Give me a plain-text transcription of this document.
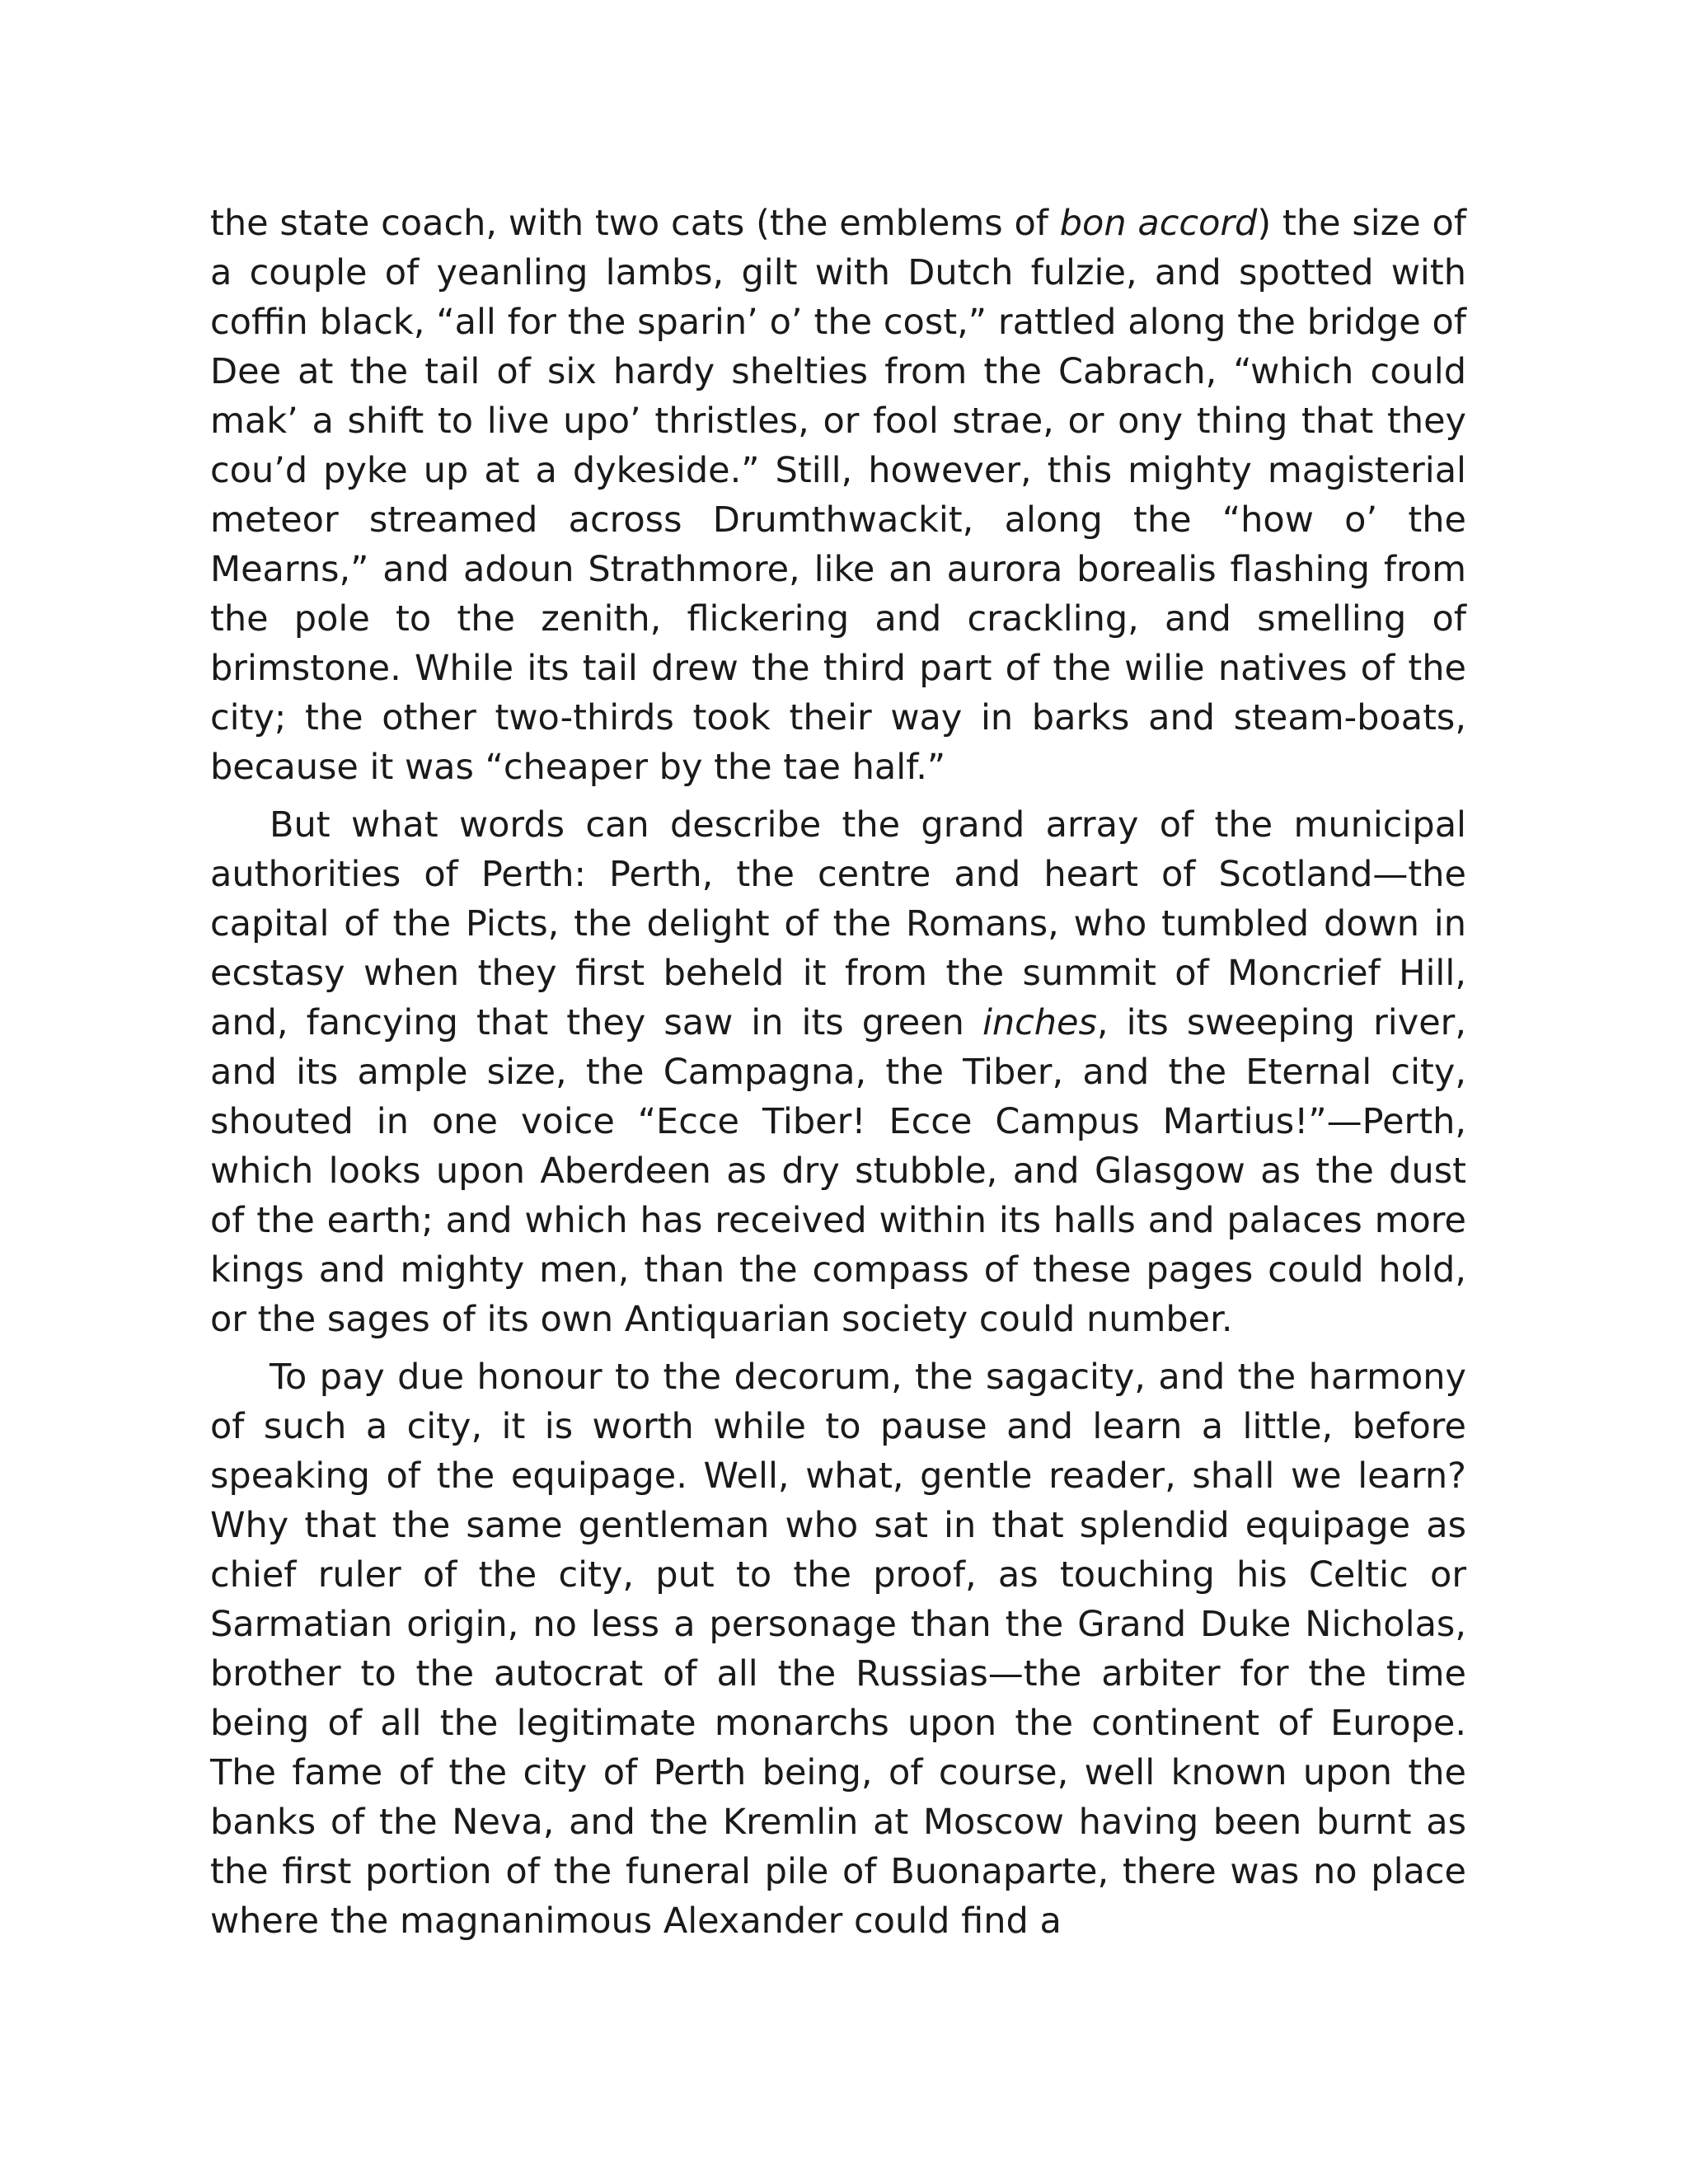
the state coach, with two cats (the emblems of bon accord) the size of a couple of yeanling lambs, gilt with Dutch fulzie, and spotted with coffin black, “all for the sparin’ o’ the cost,” rattled along the bridge of Dee at the tail of six hardy shelties from the Cabrach, “which could mak’ a shift to live upo’ thristles, or fool strae, or ony thing that they cou’d pyke up at a dykeside.” Still, however, this mighty magisterial meteor streamed across Drumthwackit, along the “how o’ the Mearns,” and adoun Strathmore, like an aurora borealis flashing from the pole to the zenith, flickering and crackling, and smelling of brimstone. While its tail drew the third part of the wilie natives of the city; the other two-thirds took their way in barks and steam-boats, because it was “cheaper by the tae half.”

But what words can describe the grand array of the municipal authorities of Perth: Perth, the centre and heart of Scotland—the capital of the Picts, the delight of the Romans, who tumbled down in ecstasy when they first beheld it from the summit of Moncrief Hill, and, fancying that they saw in its green inches, its sweeping river, and its ample size, the Campagna, the Tiber, and the Eternal city, shouted in one voice “Ecce Tiber! Ecce Campus Martius!”—Perth, which looks upon Aberdeen as dry stubble, and Glasgow as the dust of the earth; and which has received within its halls and palaces more kings and mighty men, than the compass of these pages could hold, or the sages of its own Antiquarian society could number.

To pay due honour to the decorum, the sagacity, and the harmony of such a city, it is worth while to pause and learn a little, before speaking of the equipage. Well, what, gentle reader, shall we learn? Why that the same gentleman who sat in that splendid equipage as chief ruler of the city, put to the proof, as touching his Celtic or Sarmatian origin, no less a personage than the Grand Duke Nicholas, brother to the autocrat of all the Russias—the arbiter for the time being of all the legitimate monarchs upon the continent of Europe. The fame of the city of Perth being, of course, well known upon the banks of the Neva, and the Kremlin at Moscow having been burnt as the first portion of the funeral pile of Buonaparte, there was no place where the magnanimous Alexander could find a
